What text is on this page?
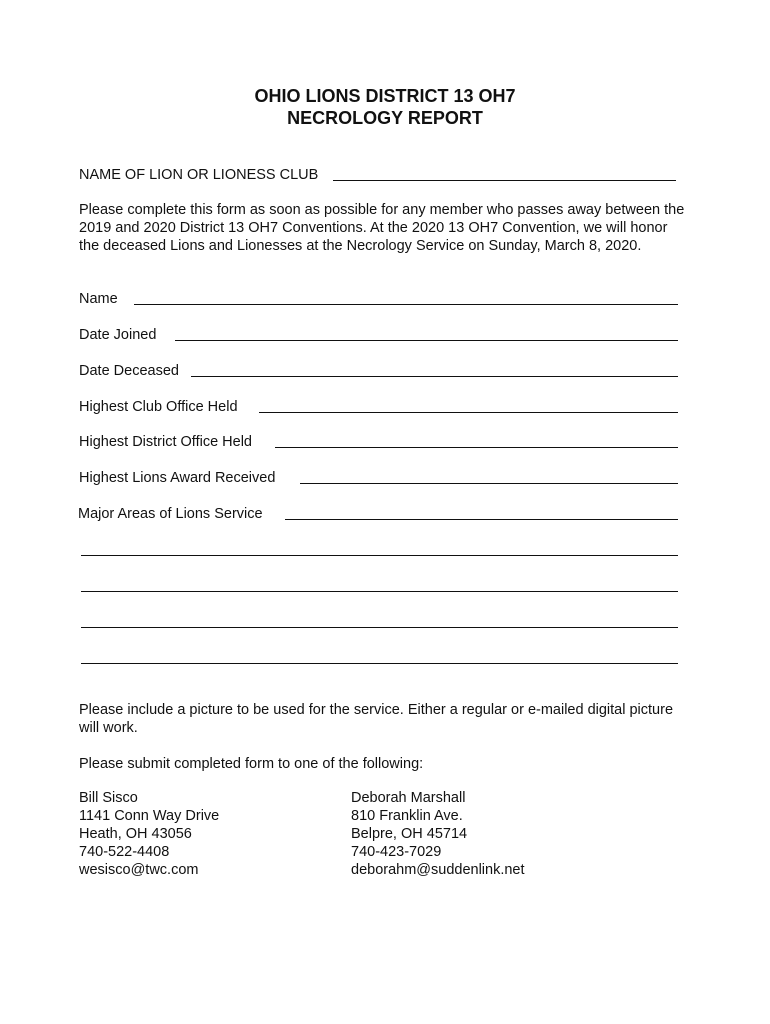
OHIO LIONS DISTRICT 13 OH7
NECROLOGY REPORT
NAME OF LION OR LIONESS CLUB

Please complete this form as soon as possible for any member who passes away between the 2019 and 2020 District 13 OH7 Conventions. At the 2020 13 OH7 Convention, we will honor the deceased Lions and Lionesses at the Necrology Service on Sunday, March 8, 2020.

Name
Date Joined
Date Deceased
Highest Club Office Held
Highest District Office Held
Highest Lions Award Received
Major Areas of Lions Service

Please include a picture to be used for the service. Either a regular or e-mailed digital picture will work.

Please submit completed form to one of the following:
Bill Sisco
1141 Conn Way Drive
Heath, OH 43056
740-522-4408
wesisco@twc.com
Deborah Marshall
810 Franklin Ave.
Belpre, OH 45714
740-423-7029
deborahm@suddenlink.net
